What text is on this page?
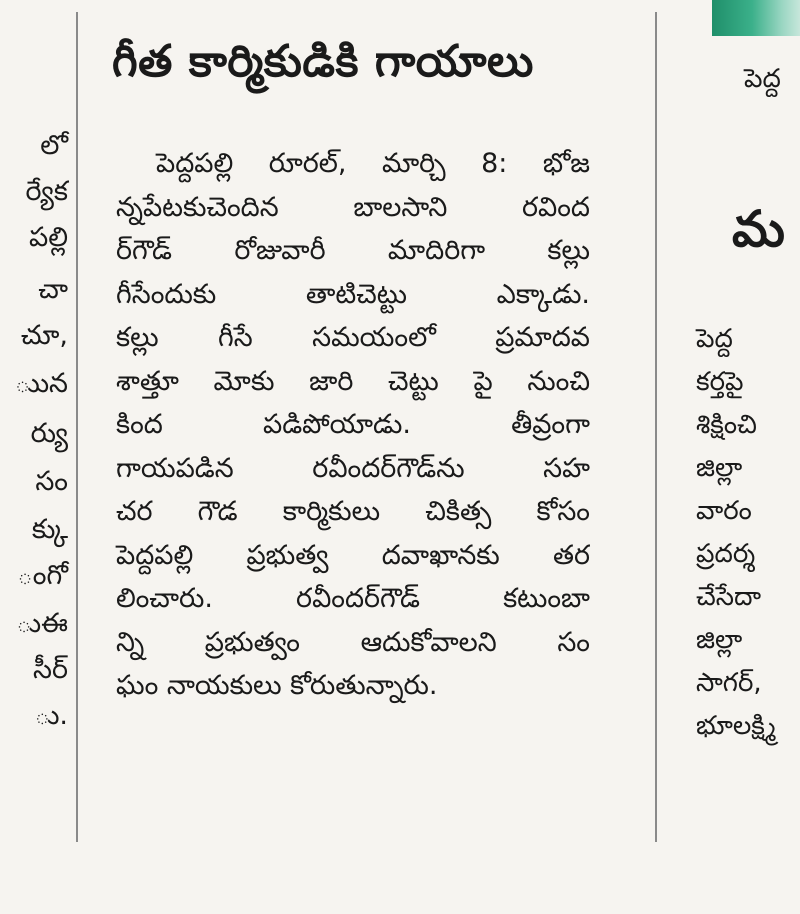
లో
ర్యేక
పల్లి
చా
చూ,
ుున
ర్యు
సం
క్కు
ంగో
ుఈ
సీర్
ు.
గీత కార్మికుడికి గాయాలు
పెద్దపల్లి రూరల్, మార్చి 8: భోజ
న్నపేటకుచెందిన బాలసాని రవింద
ర్‌గౌడ్ రోజువారీ మాదిరిగా కల్లు
గీసేందుకు తాటిచెట్టు ఎక్కాడు.
కల్లు గీసే సమయంలో ప్రమాదవ
శాత్తూ మోకు జారి చెట్టు పై నుంచి
కింద పడిపోయాడు. తీవ్రంగా
గాయపడిన రవీందర్‌గౌడ్‌ను సహ
చర గౌడ కార్మికులు చికిత్స కోసం
పెద్దపల్లి ప్రభుత్వ దవాఖానకు తర
లించారు. రవీందర్‌గౌడ్ కటుంబా
న్ని ప్రభుత్వం ఆదుకోవాలని సం
ఘం నాయకులు కోరుతున్నారు.
పెద్ద
మ
పెద్ద
కర్తపై
శిక్షించి
జిల్లా
వారం
ప్రదర్శ
చేసేదా
జిల్లా
సాగర్,
భూలక్ష్మి
